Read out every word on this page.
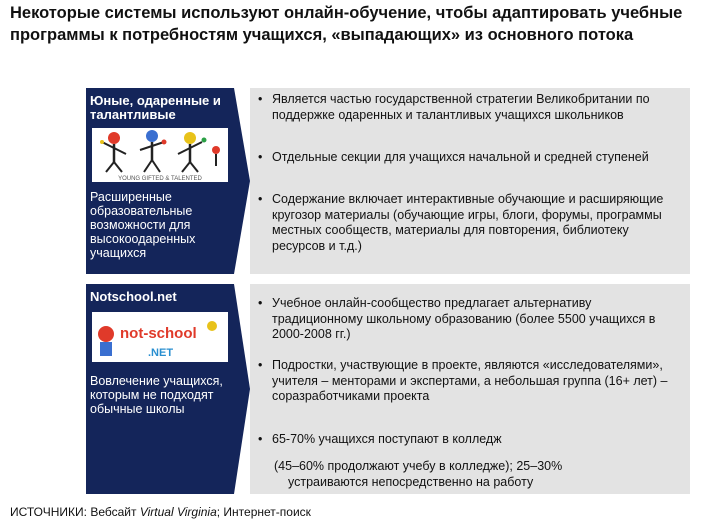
Некоторые системы используют онлайн-обучение, чтобы адаптировать учебные программы к потребностям учащихся, «выпадающих» из основного потока
Юные, одаренные и талантливые
YOUNG GIFTED & TALENTED
Расширенные образовательные возможности для высокоодаренных учащихся
• Является частью государственной стратегии Великобритании по поддержке одаренных и талантливых учащихся школьников
• Отдельные секции для учащихся начальной и средней ступеней
• Содержание включает интерактивные обучающие и расширяющие кругозор материалы (обучающие игры, блоги, форумы, программы местных сообществ, материалы для повторения, библиотеку ресурсов и т.д.)
Notschool.net
not-school
.NET
Вовлечение учащихся, которым не подходят обычные школы
• Учебное онлайн-сообщество предлагает альтернативу традиционному школьному образованию (более 5500 учащихся в 2000-2008 гг.)
• Подростки, участвующие в проекте, являются «исследователями», учителя – менторами и экспертами, а небольшая группа (16+ лет) – соразработчиками проекта
• 65-70% учащихся поступают в колледж
(45–60% продолжают учебу в колледже); 25–30%
устраиваются непосредственно на работу
ИСТОЧНИКИ: Вебсайт Virtual Virginia; Интернет-поиск
